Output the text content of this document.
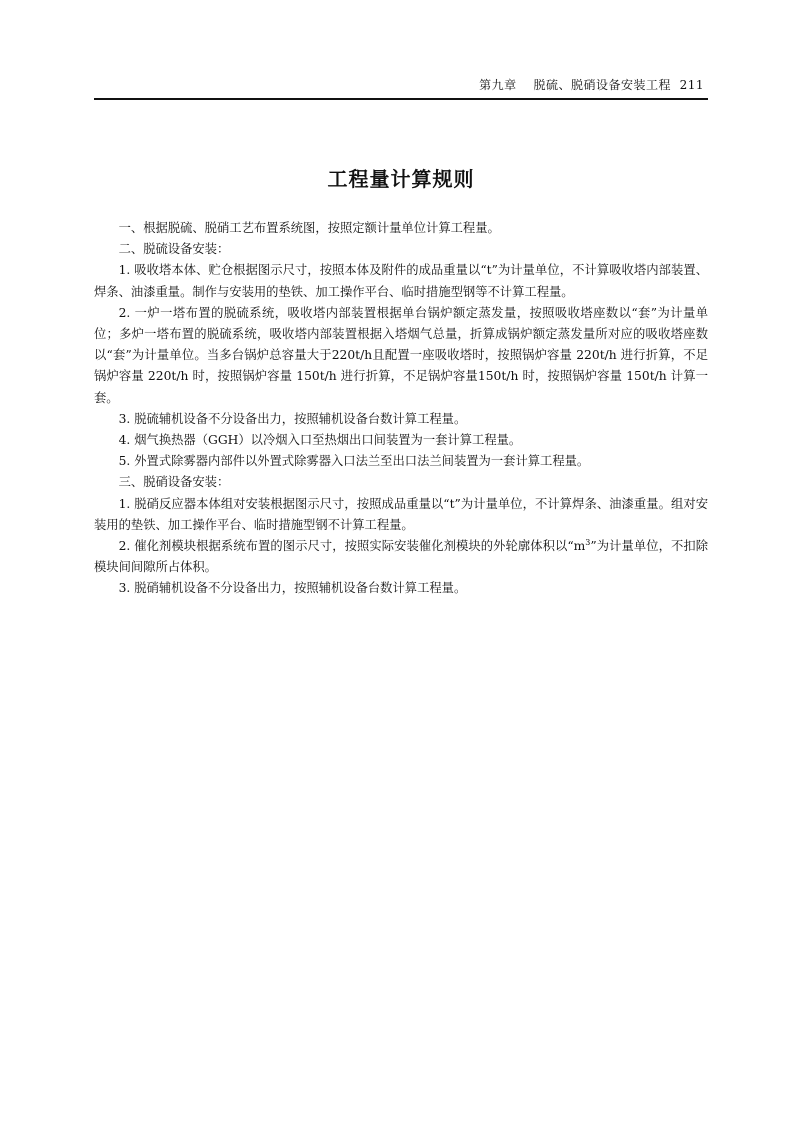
第九章　 脱硫、脱硝设备安装工程 211
工程量计算规则

一、根据脱硫、脱硝工艺布置系统图，按照定额计量单位计算工程量。

二、脱硫设备安装：

1. 吸收塔本体、贮仓根据图示尺寸，按照本体及附件的成品重量以“t”为计量单位，不计算吸收塔内部装置、焊条、油漆重量。制作与安装用的垫铁、加工操作平台、临时措施型钢等不计算工程量。

2. 一炉一塔布置的脱硫系统，吸收塔内部装置根据单台锅炉额定蒸发量，按照吸收塔座数以“套”为计量单位；多炉一塔布置的脱硫系统，吸收塔内部装置根据入塔烟气总量，折算成锅炉额定蒸发量所对应的吸收塔座数以“套”为计量单位。当多台锅炉总容量大于220t/h且配置一座吸收塔时，按照锅炉容量 220t/h 进行折算，不足锅炉容量 220t/h 时，按照锅炉容量 150t/h 进行折算，不足锅炉容量150t/h 时，按照锅炉容量 150t/h 计算一套。

3. 脱硫辅机设备不分设备出力，按照辅机设备台数计算工程量。

4. 烟气换热器（GGH）以冷烟入口至热烟出口间装置为一套计算工程量。

5. 外置式除雾器内部件以外置式除雾器入口法兰至出口法兰间装置为一套计算工程量。

三、脱硝设备安装：

1. 脱硝反应器本体组对安装根据图示尺寸，按照成品重量以“t”为计量单位，不计算焊条、油漆重量。组对安装用的垫铁、加工操作平台、临时措施型钢不计算工程量。

2. 催化剂模块根据系统布置的图示尺寸，按照实际安装催化剂模块的外轮廓体积以“$m^3$”为计量单位，不扣除模块间间隙所占体积。

3. 脱硝辅机设备不分设备出力，按照辅机设备台数计算工程量。
